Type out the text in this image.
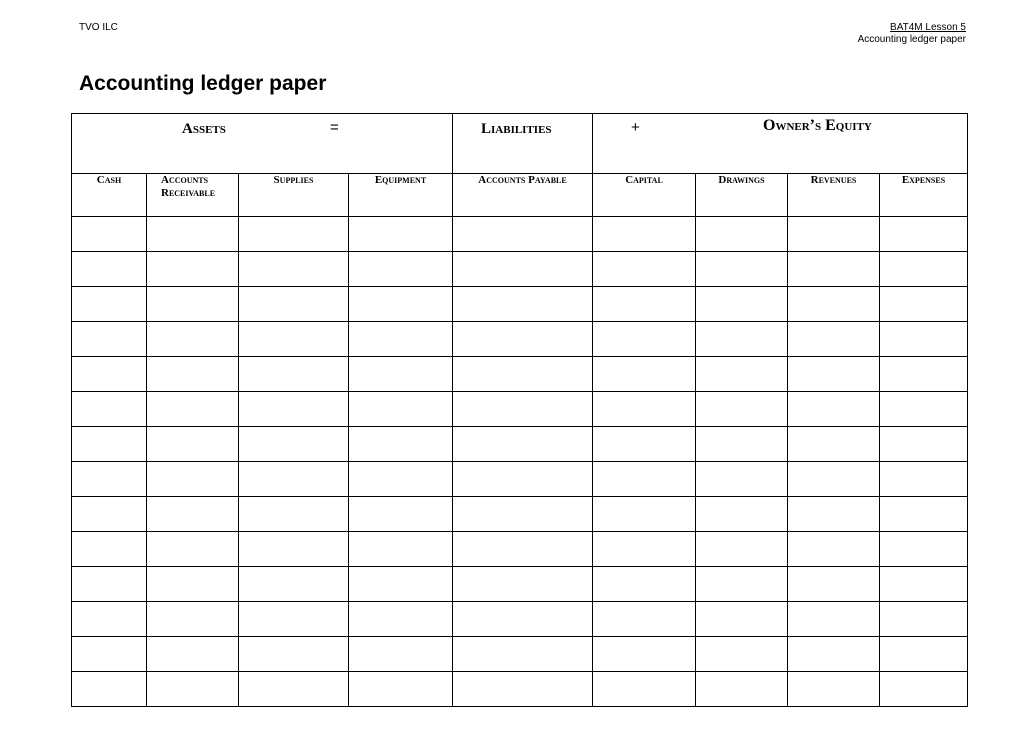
TVO ILC	BAT4M Lesson 5
Accounting ledger paper
Accounting ledger paper
Assets =				Liabilities	+ Owner’s Equity			

Cash	Accounts Receivable	Supplies	Equipment	Accounts Payable	Capital	Drawings	Revenues	Expenses
